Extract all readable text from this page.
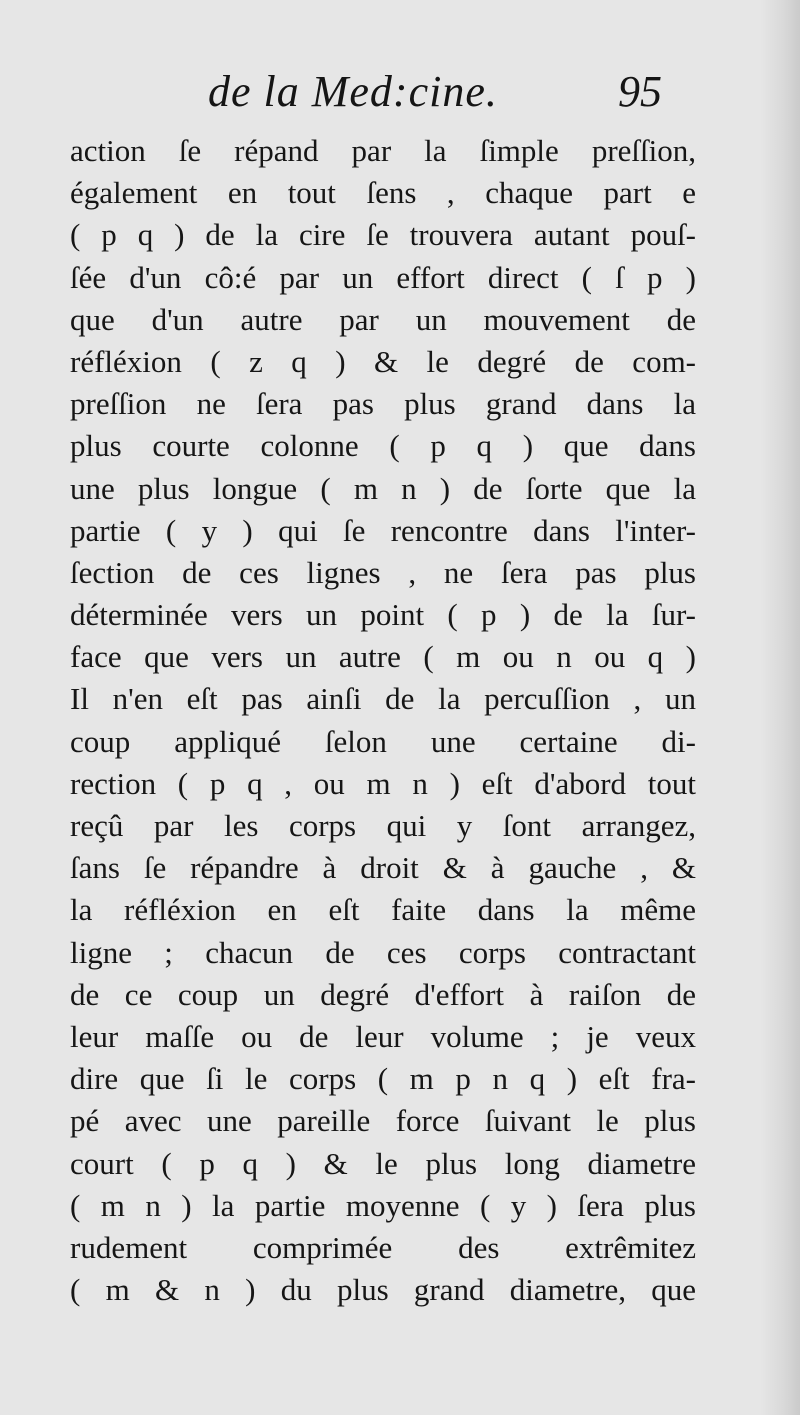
de la Med:cine.	95
action ſe répand par la ſimple preſſion,
également en tout ſens , chaque part e
( p q ) de la cire ſe trouvera autant pouſ-
ſée d'un cô:é par un effort direct ( ſ p )
que d'un autre par un mouvement de
réfléxion ( z q ) & le degré de com-
preſſion ne ſera pas plus grand dans la
plus courte colonne ( p q ) que dans
une plus longue ( m n ) de ſorte que la
partie ( y ) qui ſe rencontre dans l'inter-
ſection de ces lignes , ne ſera pas plus
déterminée vers un point ( p ) de la ſur-
face que vers un autre ( m ou n ou q )
Il n'en eſt pas ainſi de la percuſſion , un
coup appliqué ſelon une certaine di-
rection ( p q , ou m n ) eſt d'abord tout
reçû par les corps qui y ſont arrangez,
ſans ſe répandre à droit & à gauche , &
la réfléxion en eſt faite dans la même
ligne ; chacun de ces corps contractant
de ce coup un degré d'effort à raiſon de
leur maſſe ou de leur volume ; je veux
dire que ſi le corps ( m p n q ) eſt fra-
pé avec une pareille force ſuivant le plus
court ( p q ) & le plus long diametre
( m n ) la partie moyenne ( y ) ſera plus
rudement comprimée des extrêmitez
( m & n ) du plus grand diametre, que
